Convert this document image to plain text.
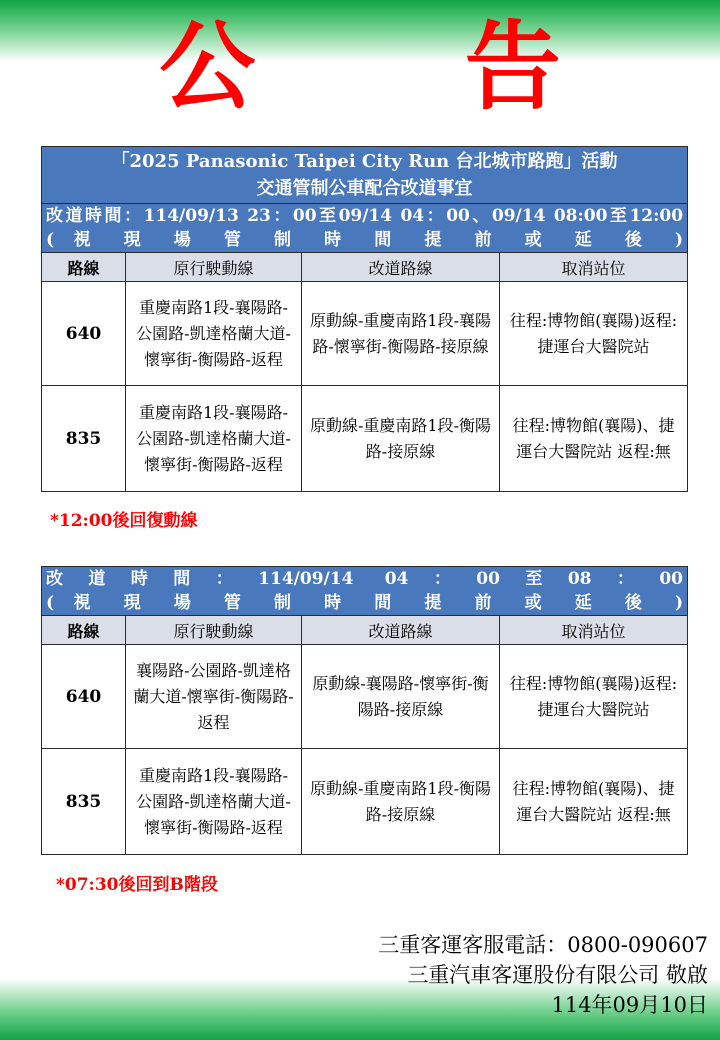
公 告
「2025 Panasonic Taipei City Run 台北城市路跑」活動
交通管制公車配合改道事宜			

改道時間：114/09/13 23：00至09/14 04：00、09/14 08:00至12:00
( 視 現 場 管 制 時 間 提 前 或 延 後 )			

路線	原行駛動線	改道路線	取消站位
640	重慶南路1段-襄陽路-公園路-凱達格蘭大道-懷寧街-衡陽路-返程	原動線-重慶南路1段-襄陽路-懷寧街-衡陽路-接原線	往程:博物館(襄陽)返程:捷運台大醫院站
835	重慶南路1段-襄陽路-公園路-凱達格蘭大道-懷寧街-衡陽路-返程	原動線-重慶南路1段-衡陽路-接原線	往程:博物館(襄陽)、捷運台大醫院站 返程:無
*12:00後回復動線
改道時間：114/09/14 04：00至08：00
( 視 現 場 管 制 時 間 提 前 或 延 後 )			

路線	原行駛動線	改道路線	取消站位
640	襄陽路-公園路-凱達格蘭大道-懷寧街-衡陽路-返程	原動線-襄陽路-懷寧街-衡陽路-接原線	往程:博物館(襄陽)返程:捷運台大醫院站
835	重慶南路1段-襄陽路-公園路-凱達格蘭大道-懷寧街-衡陽路-返程	原動線-重慶南路1段-衡陽路-接原線	往程:博物館(襄陽)、捷運台大醫院站 返程:無
*07:30後回到B階段
三重客運客服電話：0800-090607
三重汽車客運股份有限公司 敬啟
114年09月10日
